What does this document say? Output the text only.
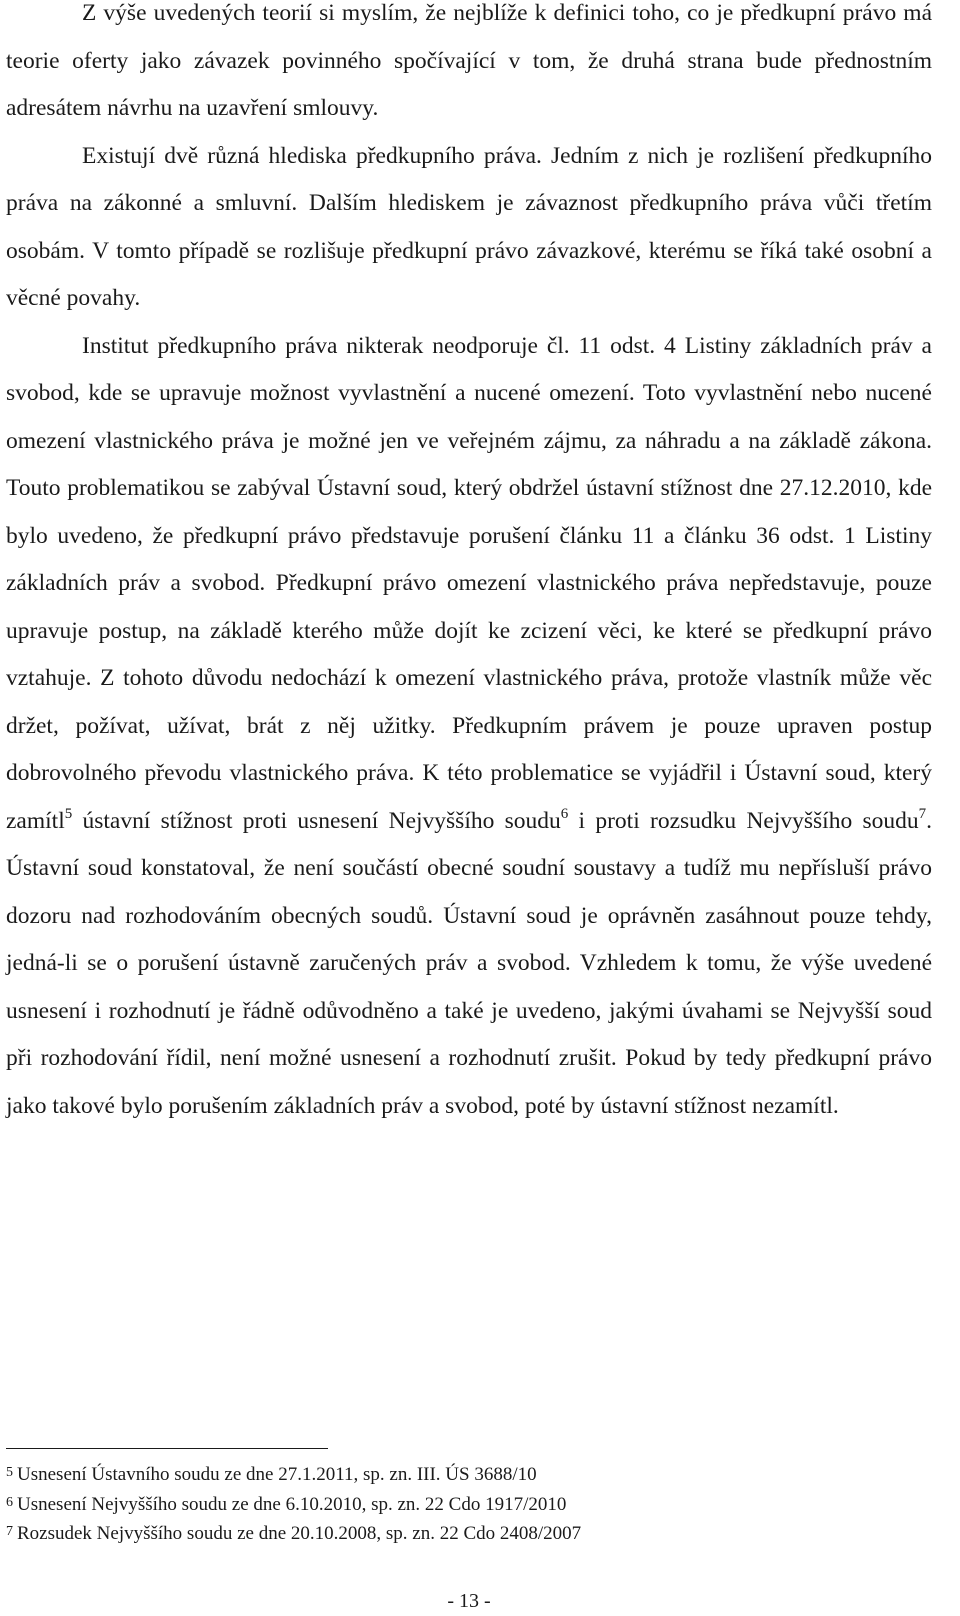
Z výše uvedených teorií si myslím, že nejblíže k definici toho, co je předkupní právo má teorie oferty jako závazek povinného spočívající v tom, že druhá strana bude přednostním adresátem návrhu na uzavření smlouvy.

Existují dvě různá hlediska předkupního práva. Jedním z nich je rozlišení předkupního práva na zákonné a smluvní. Dalším hlediskem je závaznost předkupního práva vůči třetím osobám. V tomto případě se rozlišuje předkupní právo závazkové, kterému se říká také osobní a věcné povahy.

Institut předkupního práva nikterak neodporuje čl. 11 odst. 4 Listiny základních práv a svobod, kde se upravuje možnost vyvlastnění a nucené omezení. Toto vyvlastnění nebo nucené omezení vlastnického práva je možné jen ve veřejném zájmu, za náhradu a na základě zákona. Touto problematikou se zabýval Ústavní soud, který obdržel ústavní stížnost dne 27.12.2010, kde bylo uvedeno, že předkupní právo představuje porušení článku 11 a článku 36 odst. 1 Listiny základních práv a svobod. Předkupní právo omezení vlastnického práva nepředstavuje, pouze upravuje postup, na základě kterého může dojít ke zcizení věci, ke které se předkupní právo vztahuje. Z tohoto důvodu nedochází k omezení vlastnického práva, protože vlastník může věc držet, požívat, užívat, brát z něj užitky. Předkupním právem je pouze upraven postup dobrovolného převodu vlastnického práva. K této problematice se vyjádřil i Ústavní soud, který zamítl$^5$ ústavní stížnost proti usnesení Nejvyššího soudu$^6$ i proti rozsudku Nejvyššího soudu$^7$. Ústavní soud konstatoval, že není součástí obecné soudní soustavy a tudíž mu nepřísluší právo dozoru nad rozhodováním obecných soudů. Ústavní soud je oprávněn zasáhnout pouze tehdy, jedná-li se o porušení ústavně zaručených práv a svobod. Vzhledem k tomu, že výše uvedené usnesení i rozhodnutí je řádně odůvodněno a také je uvedeno, jakými úvahami se Nejvyšší soud při rozhodování řídil, není možné usnesení a rozhodnutí zrušit. Pokud by tedy předkupní právo jako takové bylo porušením základních práv a svobod, poté by ústavní stížnost nezamítl.

$^5$ Usnesení Ústavního soudu ze dne 27.1.2011, sp. zn. III. ÚS 3688/10
$^6$ Usnesení Nejvyššího soudu ze dne 6.10.2010, sp. zn. 22 Cdo 1917/2010
$^7$ Rozsudek Nejvyššího soudu ze dne 20.10.2008, sp. zn. 22 Cdo 2408/2007
- 13 -
